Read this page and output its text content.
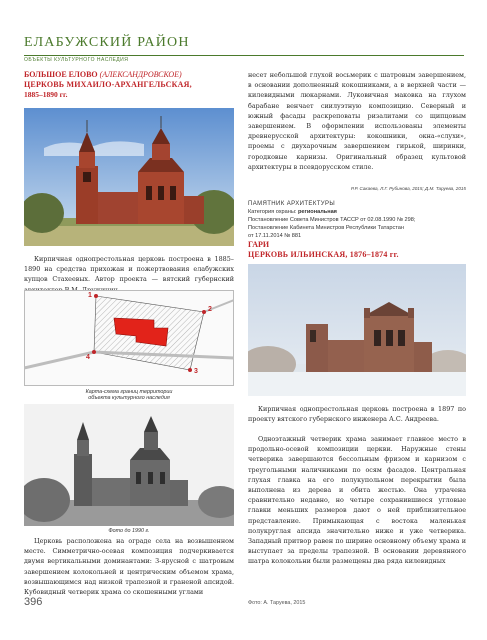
ЕЛАБУЖСКИЙ РАЙОН
ОБЪЕКТЫ КУЛЬТУРНОГО НАСЛЕДИЯ
БОЛЬШОЕ ЕЛОВО (АЛЕКСАНДРОВСКОЕ)
ЦЕРКОВЬ МИХАИЛО-АРХАНГЕЛЬСКАЯ,
1885–1890 гг.
Кирпичная однопрестольная церковь построена в 1885–1890 на средства прихожан и пожертвования елабужских купцов Стахеевых. Автор проекта — вятский губернский
1
2
3
4
Карта-схема границ территории
объекта культурного наследия
Фото до 1990 г.
Церковь расположена на ограде села на возвышенном месте. Симметрично-осевая композиция подчеркивается двумя вертикальными доминантами: 3-ярусной с шатровым завершением колокольней и центрическим объемом храма, возвышающимся над низкой трапезной и граненой апсидой. Кубовидный четверик храма со скошенными углами
несет небольшой глухой восьмерик с шатровым завершением, в основании дополненный кокошниками, а в верхней части — килевидными люкарнами. Луковичная маковка на глухом барабане венчает сиилуэтную композицию. Северный и южный фасады раскреповаты ризалитами со щипцовым завершением. В оформлении использованы элементы древнерусской архитектуры: кокошники, окна-«слухи», проемы с двухарочным завершением гирькой, ширинки, городковые карнизы. Оригинальный образец культовой архитектуры в псевдорусском стиле.
Р.Р. Сакаева, Л.Г. Рубинова, 2015; Д.М. Таруева, 2015
ПАМЯТНИК АРХИТЕКТУРЫ
Категория охраны: региональная
Постановление Совета Министров ТАССР от 02.08.1990 № 298;
Постановление Кабинета Министров Республики Татарстан
от 17.11.2014 № 881
ГАРИ
ЦЕРКОВЬ ИЛЬИНСКАЯ, 1876–1874 гг.
Кирпичная однопрестольная церковь построена в 1897 по проекту вятского губернского инженера А.С. Андреева.
Одноэтажный четверик храма занимает главное место в продольно-осевой композиции церкви. Наружные стены четверика завершаются бессольным фризом и карнизом с треугольными наличниками по осям фасадов. Центральная глухая главка на его полукупольном перекрытии была выполнена из дерева и обита жестью. Она утрачена сравнительно недавно, но четыре сохранившиеся угловые главки меньших размеров дают о ней приблизительное представление. Примыкающая с востока маленькая полукруглая апсида значительно ниже и уже четверика. Западный притвор равен по ширине основному объему храма и выступает за пределы трапезной. В основании деревянного шатра колокольни были размещены два ряда килевидных
396	Фото: А. Таруева, 2015
